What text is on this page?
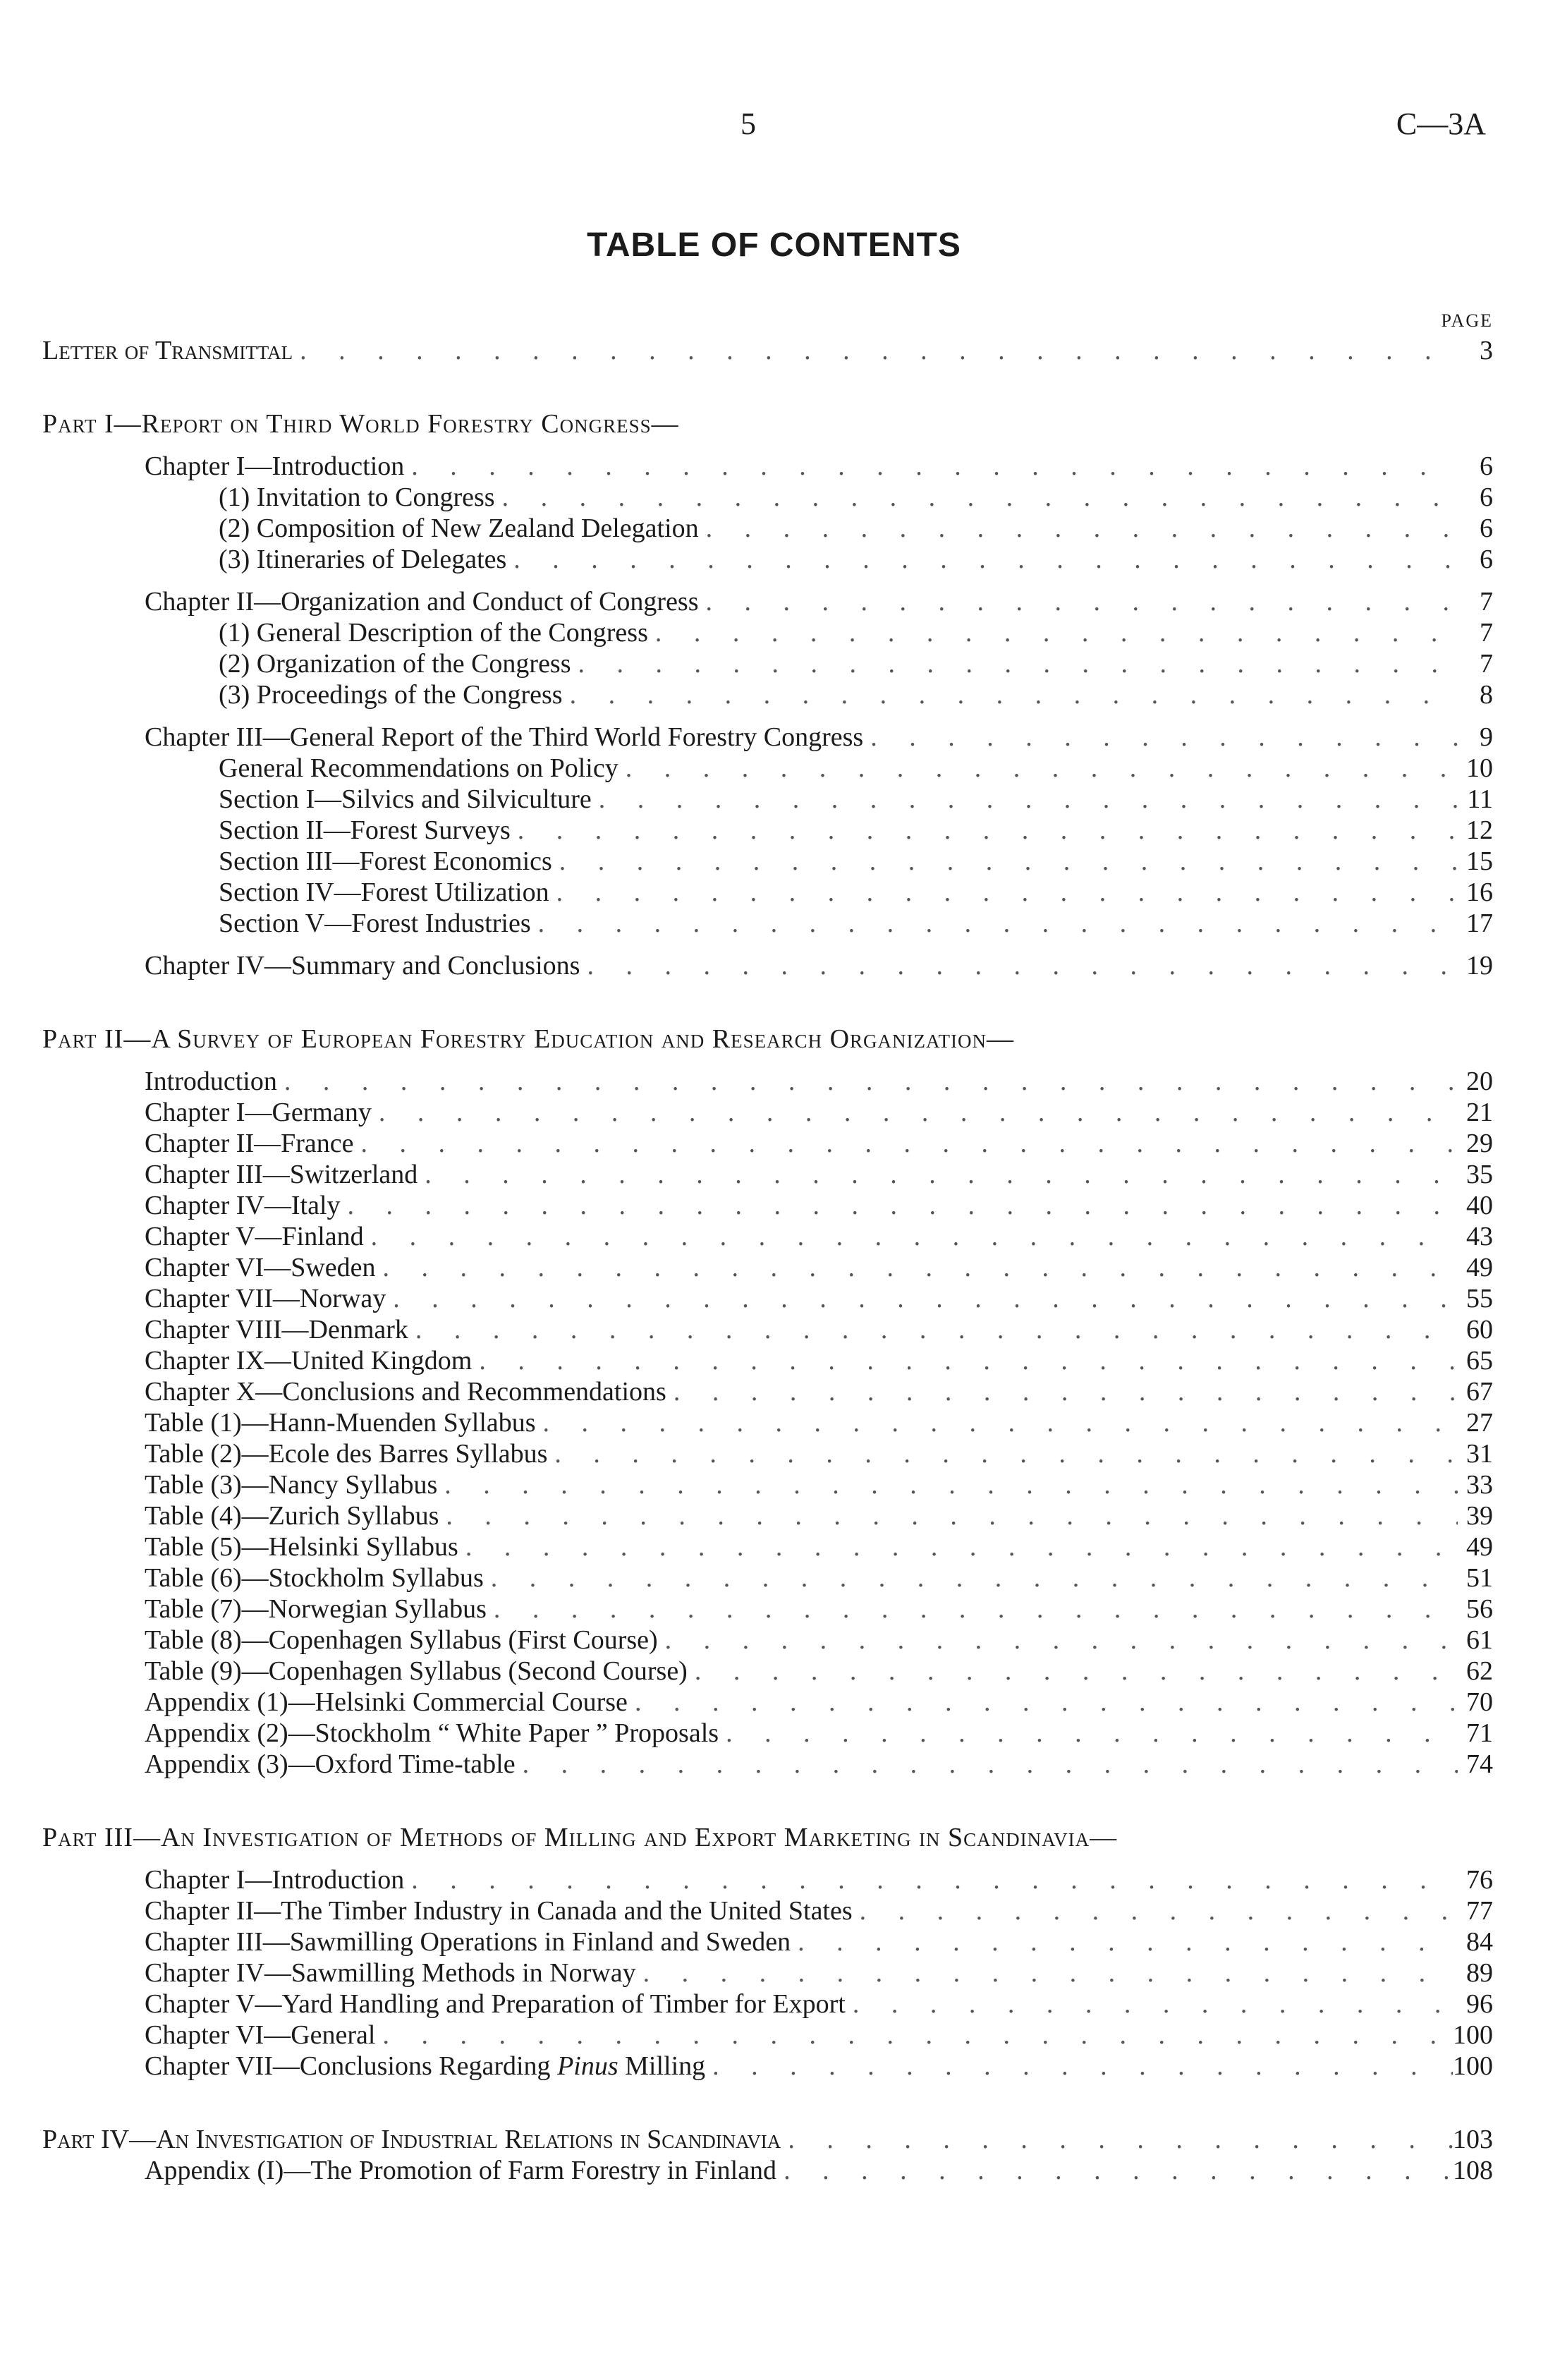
5	C—3A
TABLE OF CONTENTS
PAGE
Letter of Transmittal . . .	3
Part I—Report on Third World Forestry Congress—
Chapter I—Introduction . . .	6
(1) Invitation to Congress . . .	6
(2) Composition of New Zealand Delegation . . .	6
(3) Itineraries of Delegates . . .	6
Chapter II—Organization and Conduct of Congress . . .	7
(1) General Description of the Congress . . .	7
(2) Organization of the Congress . . .	7
(3) Proceedings of the Congress . . .	8
Chapter III—General Report of the Third World Forestry Congress . . .	9
General Recommendations on Policy . . .	10
Section I—Silvics and Silviculture . . .	11
Section II—Forest Surveys . . .	12
Section III—Forest Economics . . .	15
Section IV—Forest Utilization . . .	16
Section V—Forest Industries . . .	17
Chapter IV—Summary and Conclusions . . .	19
Part II—A Survey of European Forestry Education and Research Organization—
Introduction . . .	20
Chapter I—Germany . . .	21
Chapter II—France . . .	29
Chapter III—Switzerland . . .	35
Chapter IV—Italy . . .	40
Chapter V—Finland . . .	43
Chapter VI—Sweden . . .	49
Chapter VII—Norway . . .	55
Chapter VIII—Denmark . . .	60
Chapter IX—United Kingdom . . .	65
Chapter X—Conclusions and Recommendations . . .	67
Table (1)—Hann-Muenden Syllabus . . .	27
Table (2)—Ecole des Barres Syllabus . . .	31
Table (3)—Nancy Syllabus . . .	33
Table (4)—Zurich Syllabus . . .	39
Table (5)—Helsinki Syllabus . . .	49
Table (6)—Stockholm Syllabus . . .	51
Table (7)—Norwegian Syllabus . . .	56
Table (8)—Copenhagen Syllabus (First Course) . . .	61
Table (9)—Copenhagen Syllabus (Second Course) . . .	62
Appendix (1)—Helsinki Commercial Course . . .	70
Appendix (2)—Stockholm “ White Paper ” Proposals . . .	71
Appendix (3)—Oxford Time-table . . .	74
Part III—An Investigation of Methods of Milling and Export Marketing in Scandinavia—
Chapter I—Introduction . . .	76
Chapter II—The Timber Industry in Canada and the United States . . .	77
Chapter III—Sawmilling Operations in Finland and Sweden . . .	84
Chapter IV—Sawmilling Methods in Norway . . .	89
Chapter V—Yard Handling and Preparation of Timber for Export . . .	96
Chapter VI—General . . .	100
Chapter VII—Conclusions Regarding Pinus Milling . . .	100
Part IV—An Investigation of Industrial Relations in Scandinavia . . .	103
Appendix (I)—The Promotion of Farm Forestry in Finland . . .	108
